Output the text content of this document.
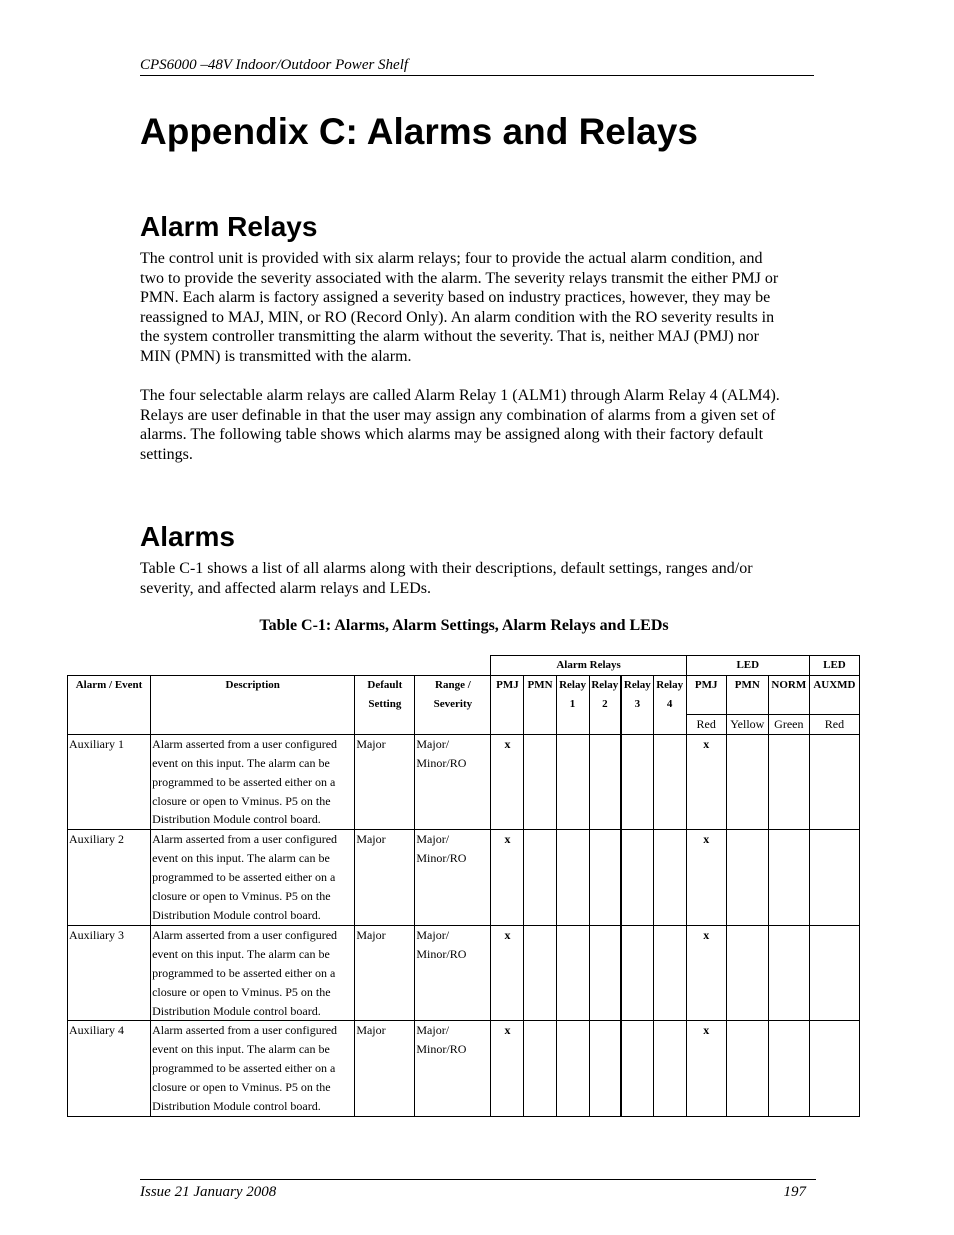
CPS6000 –48V Indoor/Outdoor Power Shelf
Appendix C: Alarms and Relays
Alarm Relays

The control unit is provided with six alarm relays; four to provide the actual alarm condition, and two to provide the severity associated with the alarm. The severity relays transmit the either PMJ or PMN. Each alarm is factory assigned a severity based on industry practices, however, they may be reassigned to MAJ, MIN, or RO (Record Only). An alarm condition with the RO severity results in the system controller transmitting the alarm without the severity. That is, neither MAJ (PMJ) nor MIN (PMN) is transmitted with the alarm.

The four selectable alarm relays are called Alarm Relay 1 (ALM1) through Alarm Relay 4 (ALM4). Relays are user definable in that the user may assign any combination of alarms from a given set of alarms. The following table shows which alarms may be assigned along with their factory default settings.

Alarms

Table C-1 shows a list of all alarms along with their descriptions, default settings, ranges and/or severity, and affected alarm relays and LEDs.

Table C-1: Alarms, Alarm Settings, Alarm Relays and LEDs
				Alarm Relays						LED			LED
Alarm / Event	Description	Default Setting	Range / Severity	PMJ	PMN	Relay 1	Relay 2	Relay 3	Relay 4	PMJ	PMN	NORM	AUXMD
										Red	Yellow	Green	Red
Auxiliary 1	Alarm asserted from a user configured event on this input. The alarm can be programmed to be asserted either on a closure or open to Vminus. P5 on the Distribution Module control board.	Major	Major/ Minor/RO	x						x			
Auxiliary 2	Alarm asserted from a user configured event on this input. The alarm can be programmed to be asserted either on a closure or open to Vminus. P5 on the Distribution Module control board.	Major	Major/ Minor/RO	x						x			
Auxiliary 3	Alarm asserted from a user configured event on this input. The alarm can be programmed to be asserted either on a closure or open to Vminus. P5 on the Distribution Module control board.	Major	Major/ Minor/RO	x						x			
Auxiliary 4	Alarm asserted from a user configured event on this input. The alarm can be programmed to be asserted either on a closure or open to Vminus. P5 on the Distribution Module control board.	Major	Major/ Minor/RO	x						x			
Issue 21 January 2008	197
